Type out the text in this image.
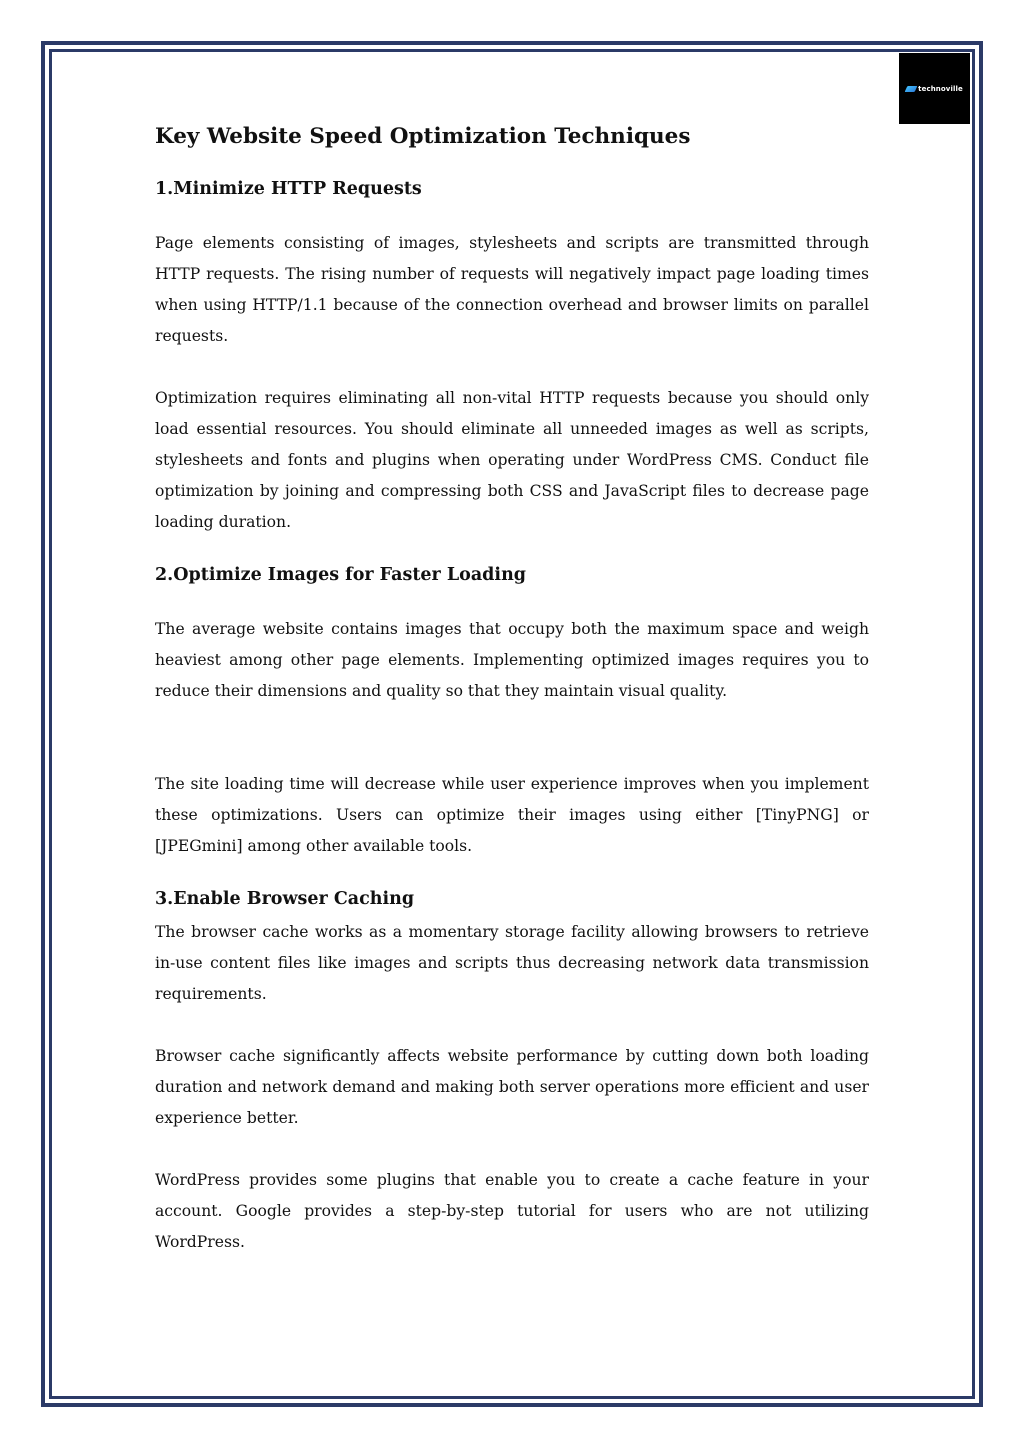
technoville
Key Website Speed Optimization Techniques
1.Minimize HTTP Requests

Page elements consisting of images, stylesheets and scripts are transmitted through HTTP requests. The rising number of requests will negatively impact page loading times when using HTTP/1.1 because of the connection overhead and browser limits on parallel requests.

Optimization requires eliminating all non-vital HTTP requests because you should only load essential resources. You should eliminate all unneeded images as well as scripts, stylesheets and fonts and plugins when operating under WordPress CMS. Conduct file optimization by joining and compressing both CSS and JavaScript files to decrease page loading duration.

2.Optimize Images for Faster Loading

The average website contains images that occupy both the maximum space and weigh heaviest among other page elements. Implementing optimized images requires you to reduce their dimensions and quality so that they maintain visual quality.

The site loading time will decrease while user experience improves when you implement these optimizations. Users can optimize their images using either [TinyPNG] or [JPEGmini] among other available tools.

3.Enable Browser Caching

The browser cache works as a momentary storage facility allowing browsers to retrieve in-use content files like images and scripts thus decreasing network data transmission requirements.

Browser cache significantly affects website performance by cutting down both loading duration and network demand and making both server operations more efficient and user experience better.

WordPress provides some plugins that enable you to create a cache feature in your account. Google provides a step-by-step tutorial for users who are not utilizing WordPress.
